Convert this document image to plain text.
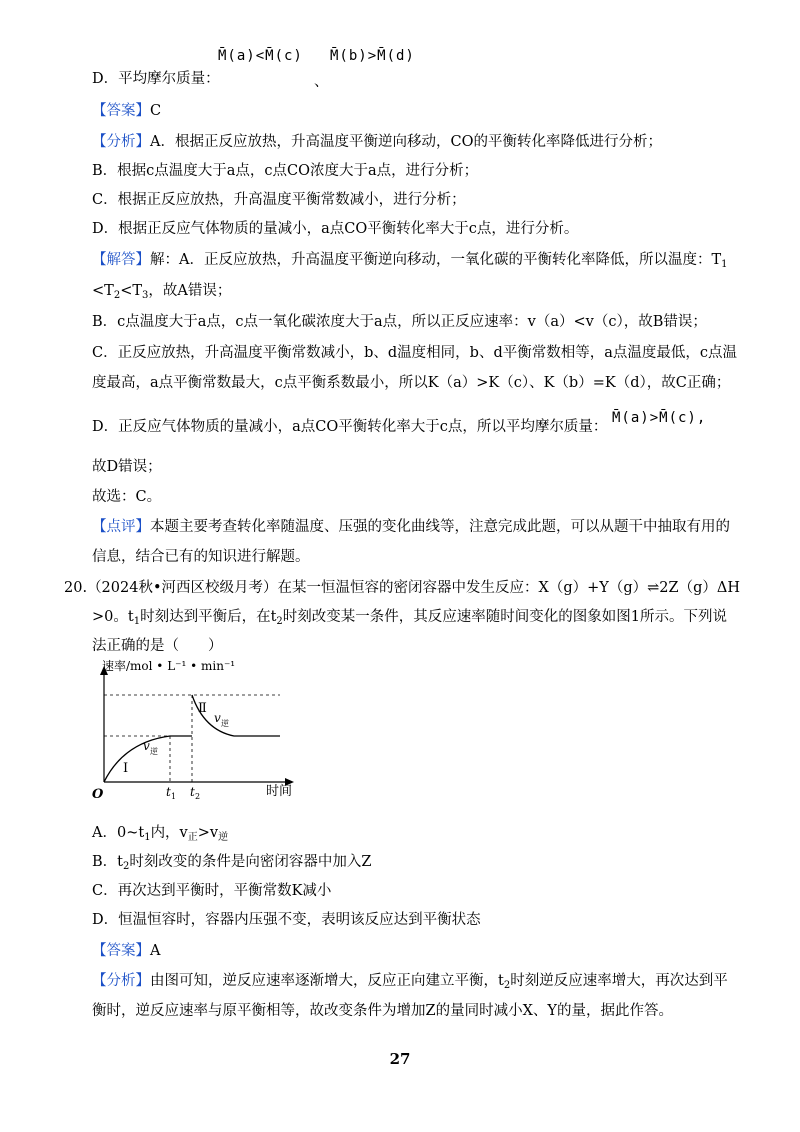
D．平均摩尔质量：
M̄(a)<M̄(c) M̄(b)>M̄(d)
、
【答案】C
【分析】A．根据正反应放热，升高温度平衡逆向移动，CO的平衡转化率降低进行分析；
B．根据c点温度大于a点，c点CO浓度大于a点，进行分析；
C．根据正反应放热，升高温度平衡常数减小，进行分析；
D．根据正反应气体物质的量减小，a点CO平衡转化率大于c点，进行分析。
【解答】解：A．正反应放热，升高温度平衡逆向移动，一氧化碳的平衡转化率降低，所以温度：$T_1$
$<T_2<T_3$，故A错误；
B．c点温度大于a点，c点一氧化碳浓度大于a点，所以正反应速率：v（a）<v（c），故B错误；
C．正反应放热，升高温度平衡常数减小，b、d温度相同，b、d平衡常数相等，a点温度最低，c点温
度最高，a点平衡常数最大，c点平衡系数最小，所以K（a）>K（c）、K（b）=K（d），故C正确；
D．正反应气体物质的量减小，a点CO平衡转化率大于c点，所以平均摩尔质量：
M̄(a)>M̄(c),
故D错误；
故选：C。
【点评】本题主要考查转化率随温度、压强的变化曲线等，注意完成此题，可以从题干中抽取有用的
信息，结合已有的知识进行解题。
20.（2024秋•河西区校级月考）在某一恒温恒容的密闭容器中发生反应：X（g）+Y（g）⇌2Z（g）ΔH
>0。$t_1$时刻达到平衡后，在$t_2$时刻改变某一条件，其反应速率随时间变化的图象如图1所示。下列说
法正确的是（　　）
速率/mol • L⁻¹ • min⁻¹
O
I
Ⅱ
v 逆
v 逆
t 1 t 2	时间
A．$0\sim t_1$内，$v_正>v_逆$
B．$t_2$时刻改变的条件是向密闭容器中加入Z
C．再次达到平衡时，平衡常数K减小
D．恒温恒容时，容器内压强不变，表明该反应达到平衡状态
【答案】A
【分析】由图可知，逆反应速率逐渐增大，反应正向建立平衡，$t_2$时刻逆反应速率增大，再次达到平
衡时，逆反应速率与原平衡相等，故改变条件为增加Z的量同时减小X、Y的量，据此作答。
27
